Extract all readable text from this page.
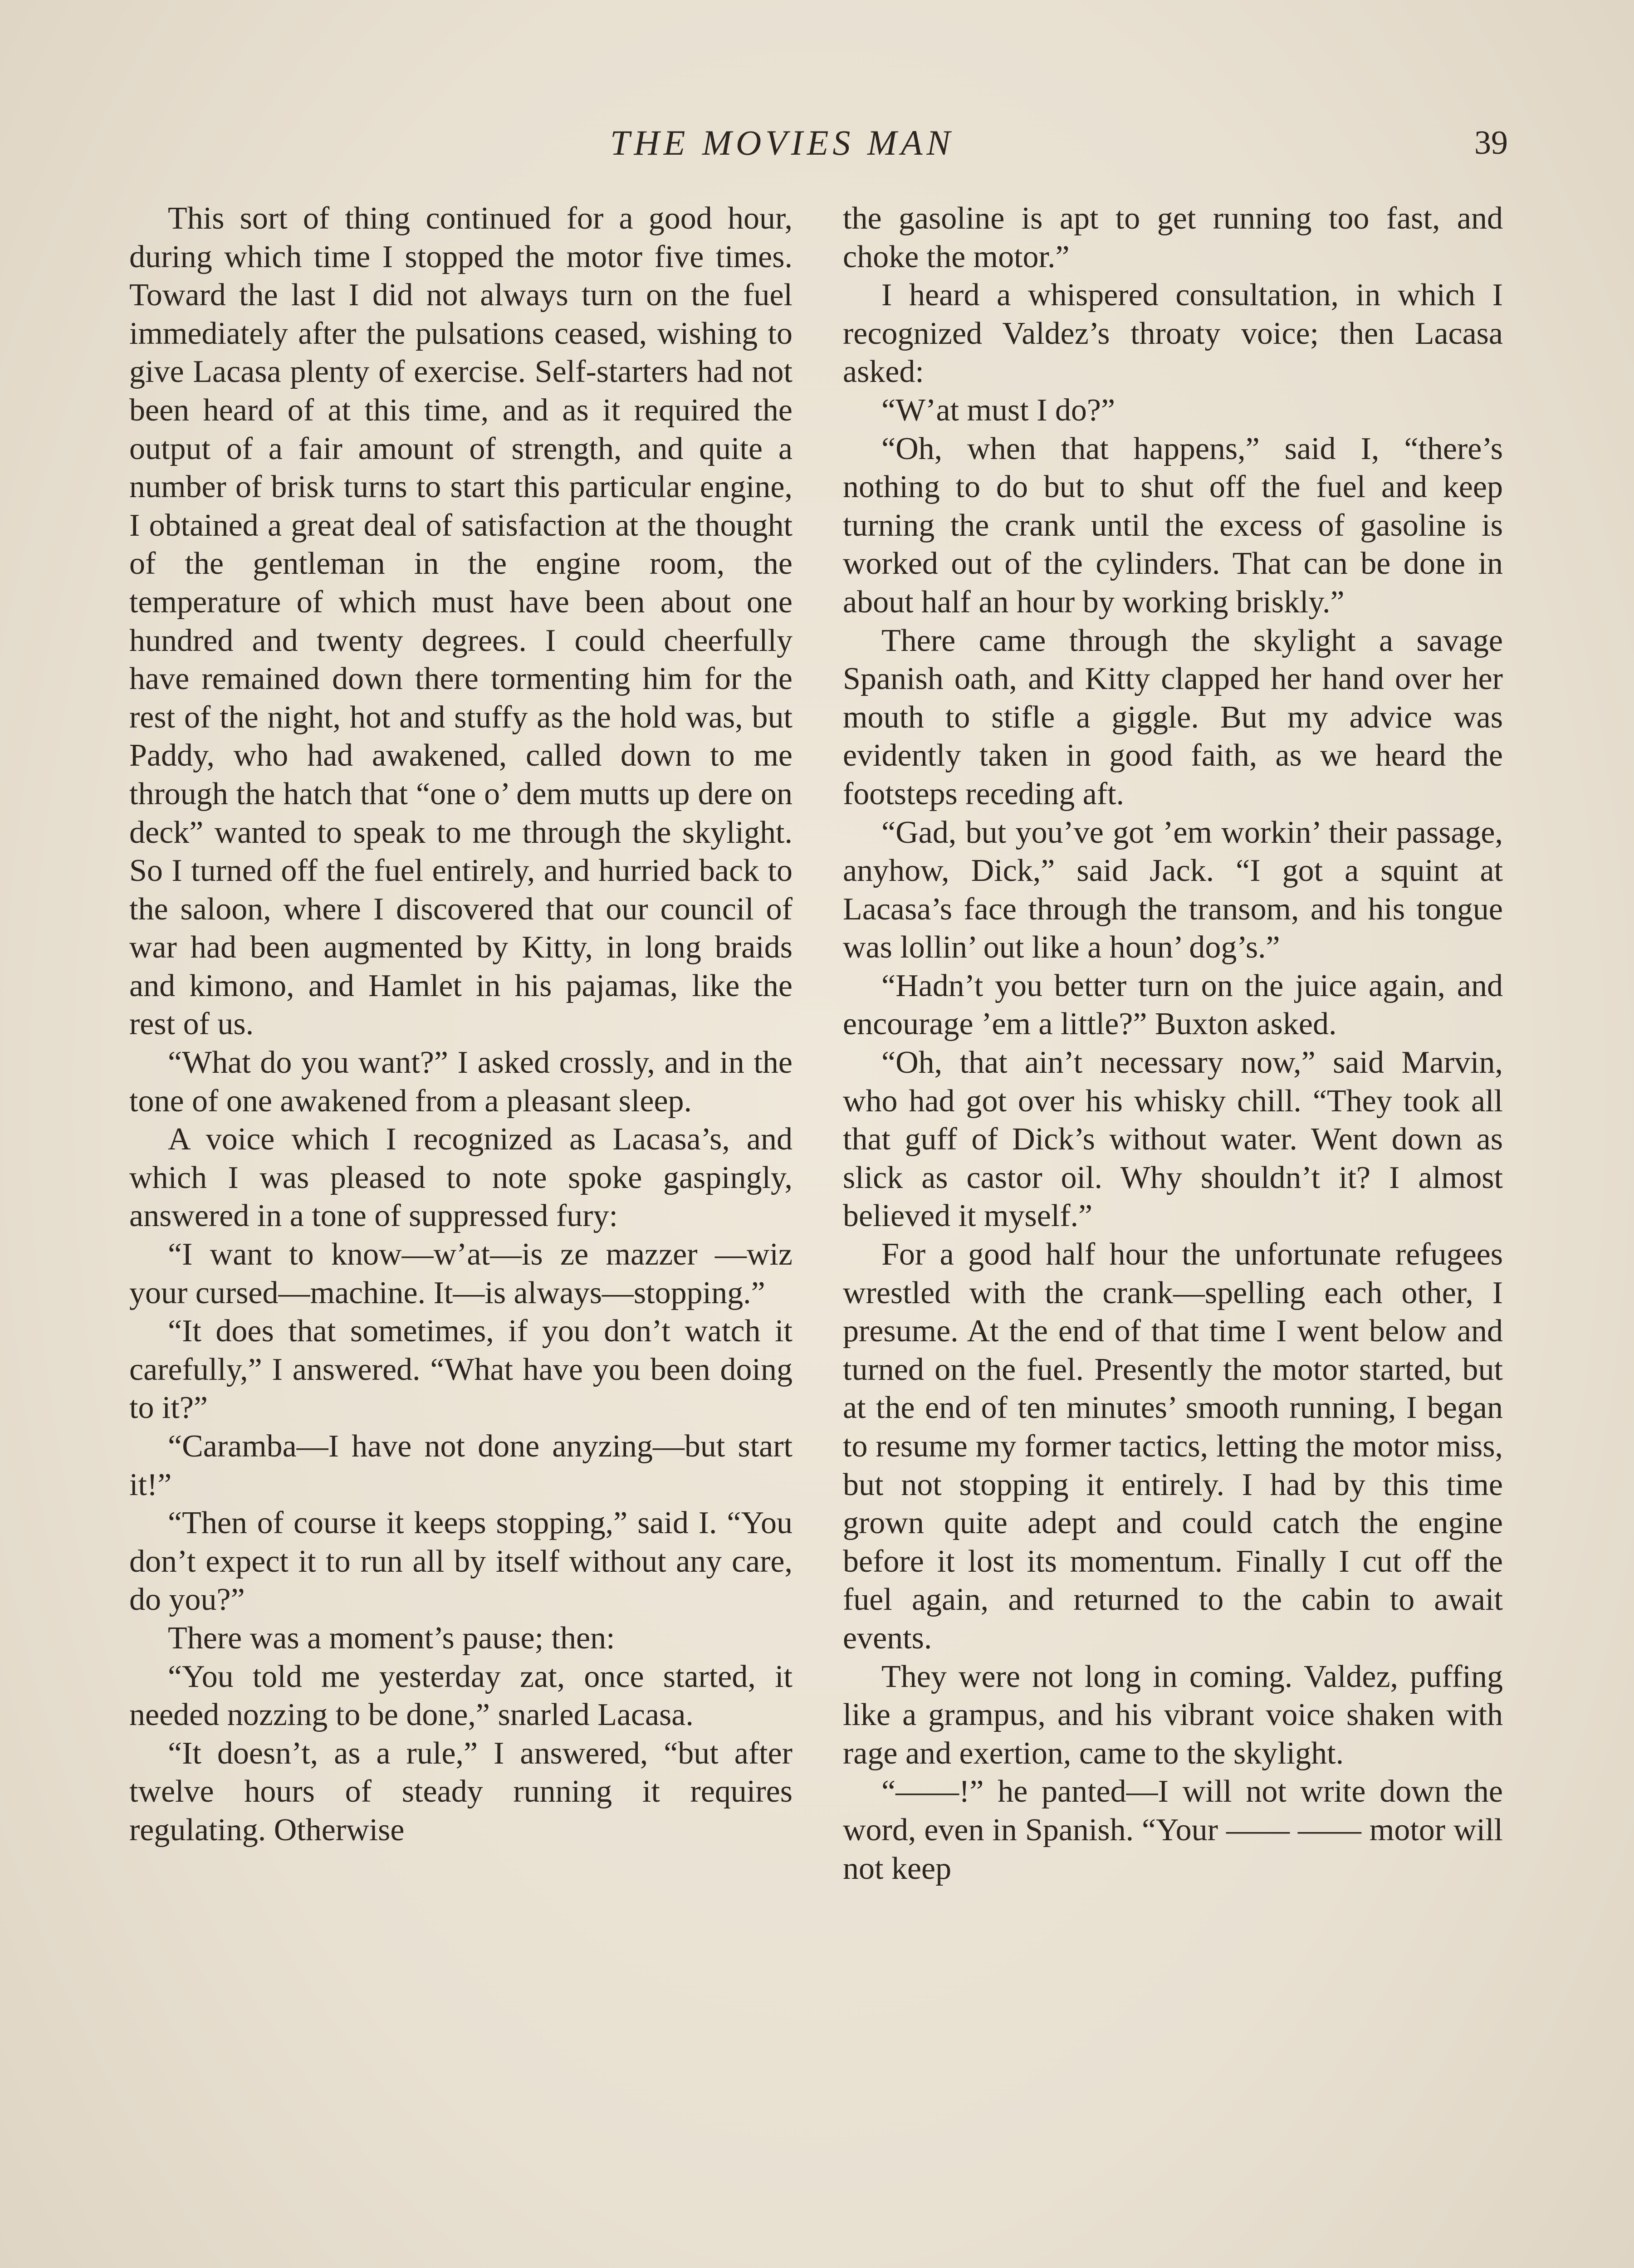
THE MOVIES MAN	39

This sort of thing continued for a good hour, during which time I stopped the motor five times. Toward the last I did not always turn on the fuel immediately after the pulsations ceased, wishing to give Lacasa plenty of exercise. Self-starters had not been heard of at this time, and as it required the output of a fair amount of strength, and quite a number of brisk turns to start this particular engine, I obtained a great deal of satisfaction at the thought of the gentleman in the engine room, the temperature of which must have been about one hundred and twenty degrees. I could cheerfully have remained down there tormenting him for the rest of the night, hot and stuffy as the hold was, but Paddy, who had awakened, called down to me through the hatch that “one o’ dem mutts up dere on deck” wanted to speak to me through the skylight. So I turned off the fuel entirely, and hurried back to the saloon, where I discovered that our council of war had been augmented by Kitty, in long braids and kimono, and Hamlet in his pajamas, like the rest of us.

“What do you want?” I asked crossly, and in the tone of one awakened from a pleasant sleep.

A voice which I recognized as Lacasa’s, and which I was pleased to note spoke gaspingly, answered in a tone of suppressed fury:

“I want to know—w’at—is ze mazzer —wiz your cursed—machine. It—is always—stopping.”

“It does that sometimes, if you don’t watch it carefully,” I answered. “What have you been doing to it?”

“Caramba—I have not done anyzing—but start it!”

“Then of course it keeps stopping,” said I. “You don’t expect it to run all by itself without any care, do you?”

There was a moment’s pause; then:

“You told me yesterday zat, once started, it needed nozzing to be done,” snarled Lacasa.

“It doesn’t, as a rule,” I answered, “but after twelve hours of steady running it requires regulating. Otherwise

the gasoline is apt to get running too fast, and choke the motor.”

I heard a whispered consultation, in which I recognized Valdez’s throaty voice; then Lacasa asked:

“W’at must I do?”

“Oh, when that happens,” said I, “there’s nothing to do but to shut off the fuel and keep turning the crank until the excess of gasoline is worked out of the cylinders. That can be done in about half an hour by working briskly.”

There came through the skylight a savage Spanish oath, and Kitty clapped her hand over her mouth to stifle a giggle. But my advice was evidently taken in good faith, as we heard the footsteps receding aft.

“Gad, but you’ve got ’em workin’ their passage, anyhow, Dick,” said Jack. “I got a squint at Lacasa’s face through the transom, and his tongue was lollin’ out like a houn’ dog’s.”

“Hadn’t you better turn on the juice again, and encourage ’em a little?” Buxton asked.

“Oh, that ain’t necessary now,” said Marvin, who had got over his whisky chill. “They took all that guff of Dick’s without water. Went down as slick as castor oil. Why shouldn’t it? I almost believed it myself.”

For a good half hour the unfortunate refugees wrestled with the crank—spelling each other, I presume. At the end of that time I went below and turned on the fuel. Presently the motor started, but at the end of ten minutes’ smooth running, I began to resume my former tactics, letting the motor miss, but not stopping it entirely. I had by this time grown quite adept and could catch the engine before it lost its momentum. Finally I cut off the fuel again, and returned to the cabin to await events.

They were not long in coming. Valdez, puffing like a grampus, and his vibrant voice shaken with rage and exertion, came to the skylight.

“——!” he panted—I will not write down the word, even in Spanish. “Your —— —— motor will not keep
